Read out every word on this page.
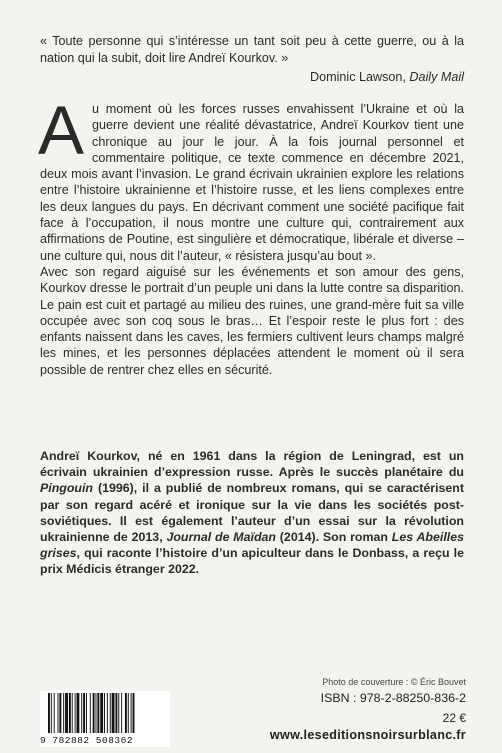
« Toute personne qui s’intéresse un tant soit peu à cette guerre, ou à la nation qui la subit, doit lire Andreï Kourkov. »
Dominic Lawson, Daily Mail

Au moment où les forces russes envahissent l’Ukraine et où la guerre devient une réalité dévastatrice, Andreï Kourkov tient une chronique au jour le jour. À la fois journal personnel et commentaire politique, ce texte commence en décembre 2021, deux mois avant l’invasion. Le grand écrivain ukrainien explore les relations entre l’histoire ukrainienne et l’histoire russe, et les liens complexes entre les deux langues du pays. En décrivant comment une société pacifique fait face à l’occupation, il nous montre une culture qui, contrairement aux affirmations de Poutine, est singulière et démocratique, libérale et diverse – une culture qui, nous dit l’auteur, « résistera jusqu’au bout ».

Avec son regard aiguisé sur les événements et son amour des gens, Kourkov dresse le portrait d’un peuple uni dans la lutte contre sa disparition. Le pain est cuit et partagé au milieu des ruines, une grand-mère fuit sa ville occupée avec son coq sous le bras… Et l’espoir reste le plus fort : des enfants naissent dans les caves, les fermiers cultivent leurs champs malgré les mines, et les personnes déplacées attendent le moment où il sera possible de rentrer chez elles en sécurité.

Andreï Kourkov, né en 1961 dans la région de Leningrad, est un écrivain ukrainien d’expression russe. Après le succès planétaire du Pingouin (1996), il a publié de nombreux romans, qui se caractérisent par son regard acéré et ironique sur la vie dans les sociétés post-soviétiques. Il est également l’auteur d’un essai sur la révolution ukrainienne de 2013, Journal de Maïdan (2014). Son roman Les Abeilles grises, qui raconte l’histoire d’un apiculteur dans le Donbass, a reçu le prix Médicis étranger 2022.
Photo de couverture : © Éric Bouvet
9 782882 508362
ISBN : 978-2-88250-836-2
22 €
www.leseditionsnoirsurblanc.fr
